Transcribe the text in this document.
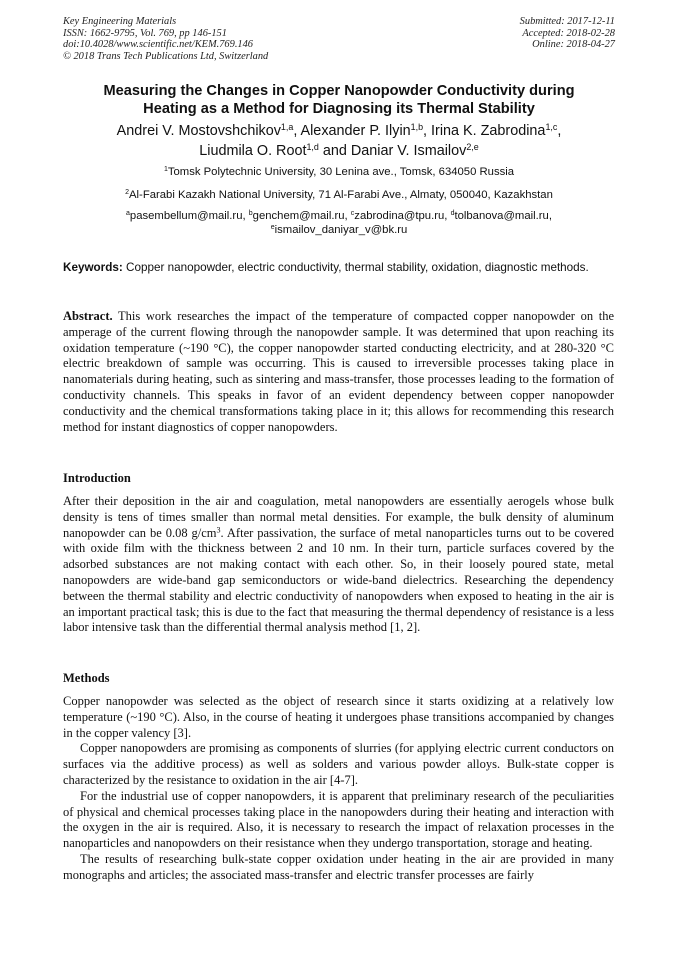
Key Engineering Materials
ISSN: 1662-9795, Vol. 769, pp 146-151
doi:10.4028/www.scientific.net/KEM.769.146
© 2018 Trans Tech Publications Ltd, Switzerland
Submitted: 2017-12-11
Accepted: 2018-02-28
Online: 2018-04-27
Measuring the Changes in Copper Nanopowder Conductivity during
Heating as a Method for Diagnosing its Thermal Stability
Andrei V. Mostovshchikov$^{1,a}$, Alexander P. Ilyin$^{1,b}$, Irina K. Zabrodina$^{1,c}$,
Liudmila O. Root$^{1,d}$ and Daniar V. Ismailov$^{2,e}$
$^1$Tomsk Polytechnic University, 30 Lenina ave., Tomsk, 634050 Russia
$^2$Al-Farabi Kazakh National University, 71 Al-Farabi Ave., Almaty, 050040, Kazakhstan
$^a$pasembellum@mail.ru, $^b$genchem@mail.ru, $^c$zabrodina@tpu.ru, $^d$tolbanova@mail.ru,
$^e$ismailov_daniyar_v@bk.ru
Keywords: Copper nanopowder, electric conductivity, thermal stability, oxidation, diagnostic methods.

Abstract. This work researches the impact of the temperature of compacted copper nanopowder on the amperage of the current flowing through the nanopowder sample. It was determined that upon reaching its oxidation temperature (~190 °C), the copper nanopowder started conducting electricity, and at 280-320 °C electric breakdown of sample was occurring. This is caused to irreversible processes taking place in nanomaterials during heating, such as sintering and mass-transfer, those processes leading to the formation of conductivity channels. This speaks in favor of an evident dependency between copper nanopowder conductivity and the chemical transformations taking place in it; this allows for recommending this research method for instant diagnostics of copper nanopowders.

Introduction

After their deposition in the air and coagulation, metal nanopowders are essentially aerogels whose bulk density is tens of times smaller than normal metal densities. For example, the bulk density of aluminum nanopowder can be 0.08 g/cm$^3$. After passivation, the surface of metal nanoparticles turns out to be covered with oxide film with the thickness between 2 and 10 nm. In their turn, particle surfaces covered by the adsorbed substances are not making contact with each other. So, in their loosely poured state, metal nanopowders are wide-band gap semiconductors or wide-band dielectrics. Researching the dependency between the thermal stability and electric conductivity of nanopowders when exposed to heating in the air is an important practical task; this is due to the fact that measuring the thermal dependency of resistance is a less labor intensive task than the differential thermal analysis method [1, 2].

Methods

Copper nanopowder was selected as the object of research since it starts oxidizing at a relatively low temperature (~190 °C). Also, in the course of heating it undergoes phase transitions accompanied by changes in the copper valency [3].

Copper nanopowders are promising as components of slurries (for applying electric current conductors on surfaces via the additive process) as well as solders and various powder alloys. Bulk-state copper is characterized by the resistance to oxidation in the air [4-7].

For the industrial use of copper nanopowders, it is apparent that preliminary research of the peculiarities of physical and chemical processes taking place in the nanopowders during their heating and interaction with the oxygen in the air is required. Also, it is necessary to research the impact of relaxation processes in the nanoparticles and nanopowders on their resistance when they undergo transportation, storage and heating.

The results of researching bulk-state copper oxidation under heating in the air are provided in many monographs and articles; the associated mass-transfer and electric transfer processes are fairly
